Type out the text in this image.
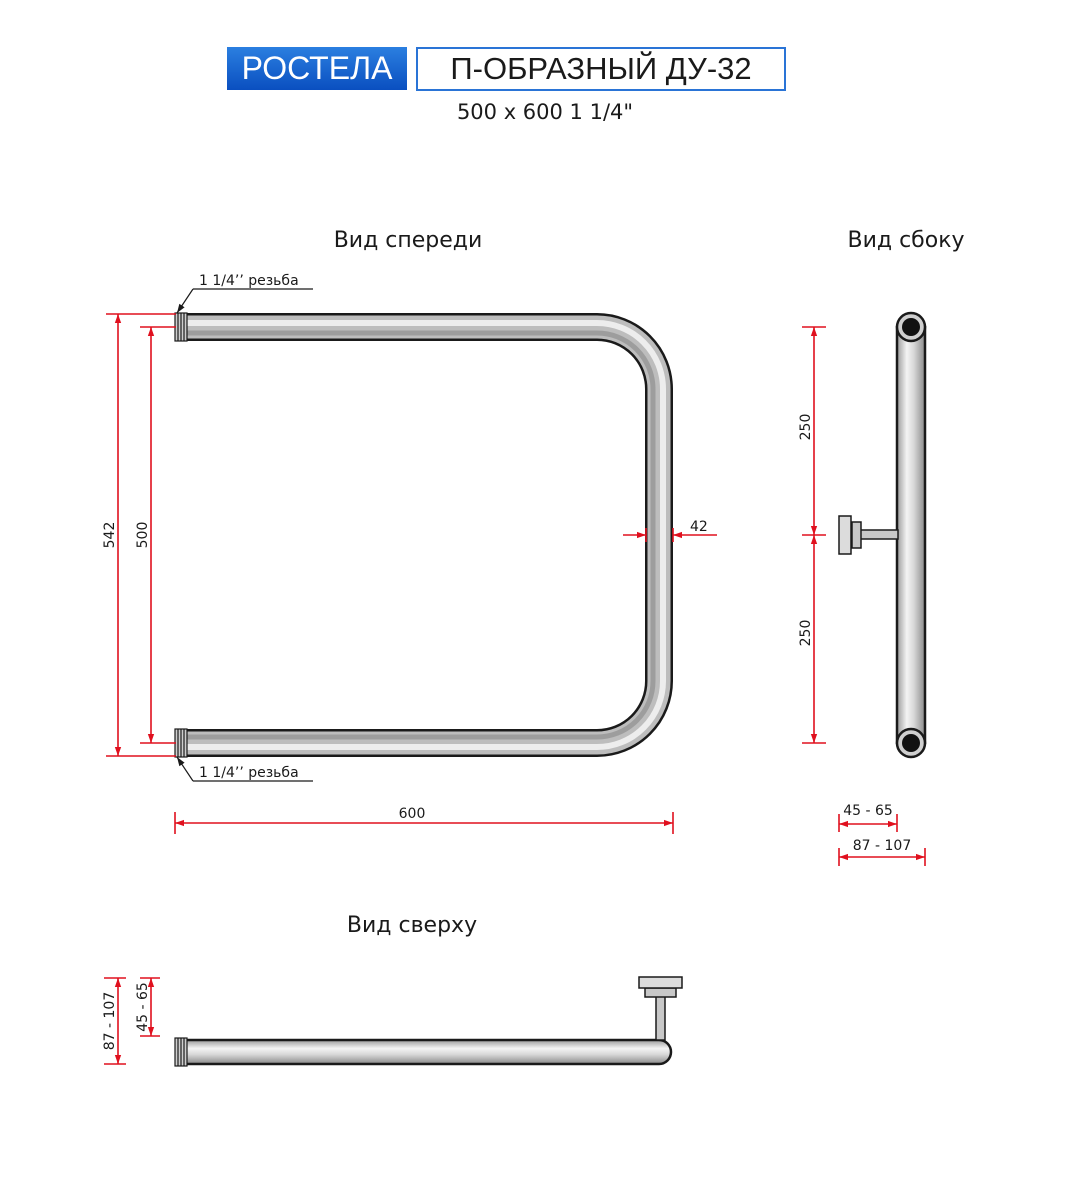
РОСТЕЛА	П-ОБРАЗНЫЙ ДУ-32
500 x 600 1 1/4"
Вид спереди
1 1/4’’ резьба
1 1/4’’ резьба
542 500	42
600
Вид сбоку
250
250
45 - 65
87 - 107
Вид сверху
87 - 107 45 - 65
